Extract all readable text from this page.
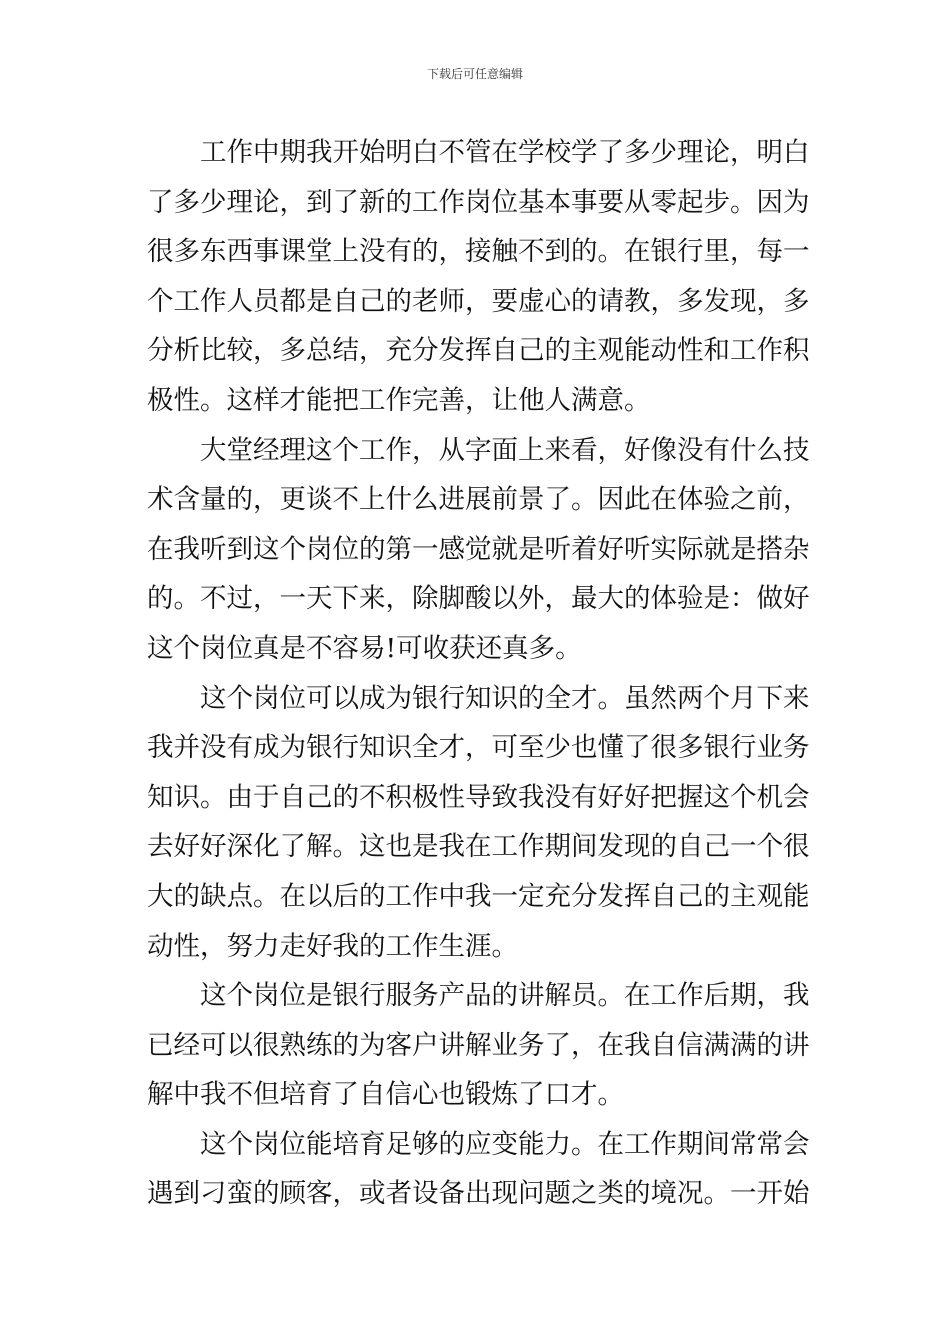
下载后可任意编辑
工作中期我开始明白不管在学校学了多少理论，明白
了多少理论，到了新的工作岗位基本事要从零起步。因为
很多东西事课堂上没有的，接触不到的。在银行里，每一
个工作人员都是自己的老师，要虚心的请教，多发现，多
分析比较，多总结，充分发挥自己的主观能动性和工作积
极性。这样才能把工作完善，让他人满意。
大堂经理这个工作，从字面上来看，好像没有什么技
术含量的，更谈不上什么进展前景了。因此在体验之前，
在我听到这个岗位的第一感觉就是听着好听实际就是搭杂
的。不过，一天下来，除脚酸以外，最大的体验是：做好
这个岗位真是不容易!可收获还真多。
这个岗位可以成为银行知识的全才。虽然两个月下来
我并没有成为银行知识全才，可至少也懂了很多银行业务
知识。由于自己的不积极性导致我没有好好把握这个机会
去好好深化了解。这也是我在工作期间发现的自己一个很
大的缺点。在以后的工作中我一定充分发挥自己的主观能
动性，努力走好我的工作生涯。
这个岗位是银行服务产品的讲解员。在工作后期，我
已经可以很熟练的为客户讲解业务了，在我自信满满的讲
解中我不但培育了自信心也锻炼了口才。
这个岗位能培育足够的应变能力。在工作期间常常会
遇到刁蛮的顾客，或者设备出现问题之类的境况。一开始
